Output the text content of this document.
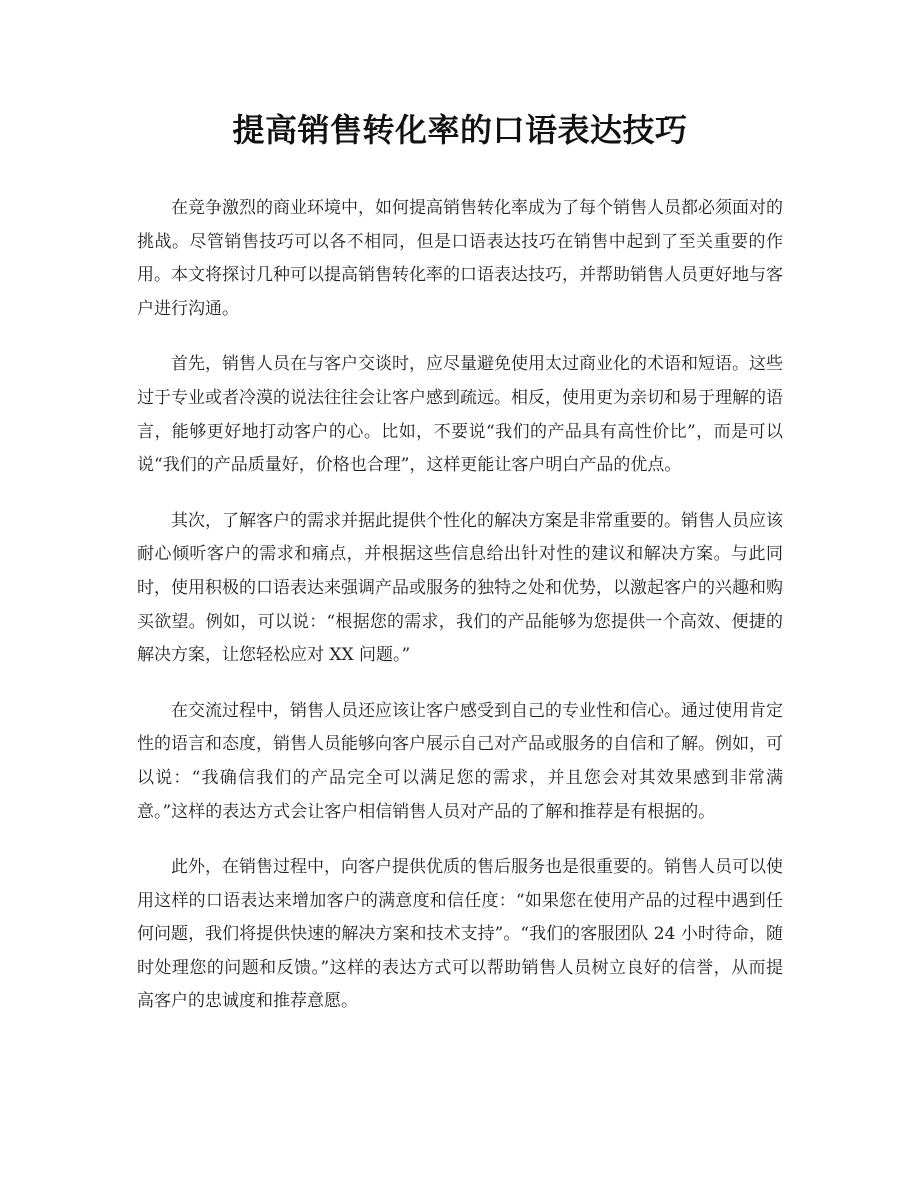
提高销售转化率的口语表达技巧

在竞争激烈的商业环境中，如何提高销售转化率成为了每个销售人员都必须面对的挑战。尽管销售技巧可以各不相同，但是口语表达技巧在销售中起到了至关重要的作用。本文将探讨几种可以提高销售转化率的口语表达技巧，并帮助销售人员更好地与客户进行沟通。

首先，销售人员在与客户交谈时，应尽量避免使用太过商业化的术语和短语。这些过于专业或者冷漠的说法往往会让客户感到疏远。相反，使用更为亲切和易于理解的语言，能够更好地打动客户的心。比如，不要说“我们的产品具有高性价比”，而是可以说“我们的产品质量好，价格也合理”，这样更能让客户明白产品的优点。

其次，了解客户的需求并据此提供个性化的解决方案是非常重要的。销售人员应该耐心倾听客户的需求和痛点，并根据这些信息给出针对性的建议和解决方案。与此同时，使用积极的口语表达来强调产品或服务的独特之处和优势，以激起客户的兴趣和购买欲望。例如，可以说：“根据您的需求，我们的产品能够为您提供一个高效、便捷的解决方案，让您轻松应对 XX 问题。”

在交流过程中，销售人员还应该让客户感受到自己的专业性和信心。通过使用肯定性的语言和态度，销售人员能够向客户展示自己对产品或服务的自信和了解。例如，可以说：“我确信我们的产品完全可以满足您的需求，并且您会对其效果感到非常满意。”这样的表达方式会让客户相信销售人员对产品的了解和推荐是有根据的。

此外，在销售过程中，向客户提供优质的售后服务也是很重要的。销售人员可以使用这样的口语表达来增加客户的满意度和信任度：“如果您在使用产品的过程中遇到任何问题，我们将提供快速的解决方案和技术支持”。“我们的客服团队 24 小时待命，随时处理您的问题和反馈。”这样的表达方式可以帮助销售人员树立良好的信誉，从而提高客户的忠诚度和推荐意愿。
